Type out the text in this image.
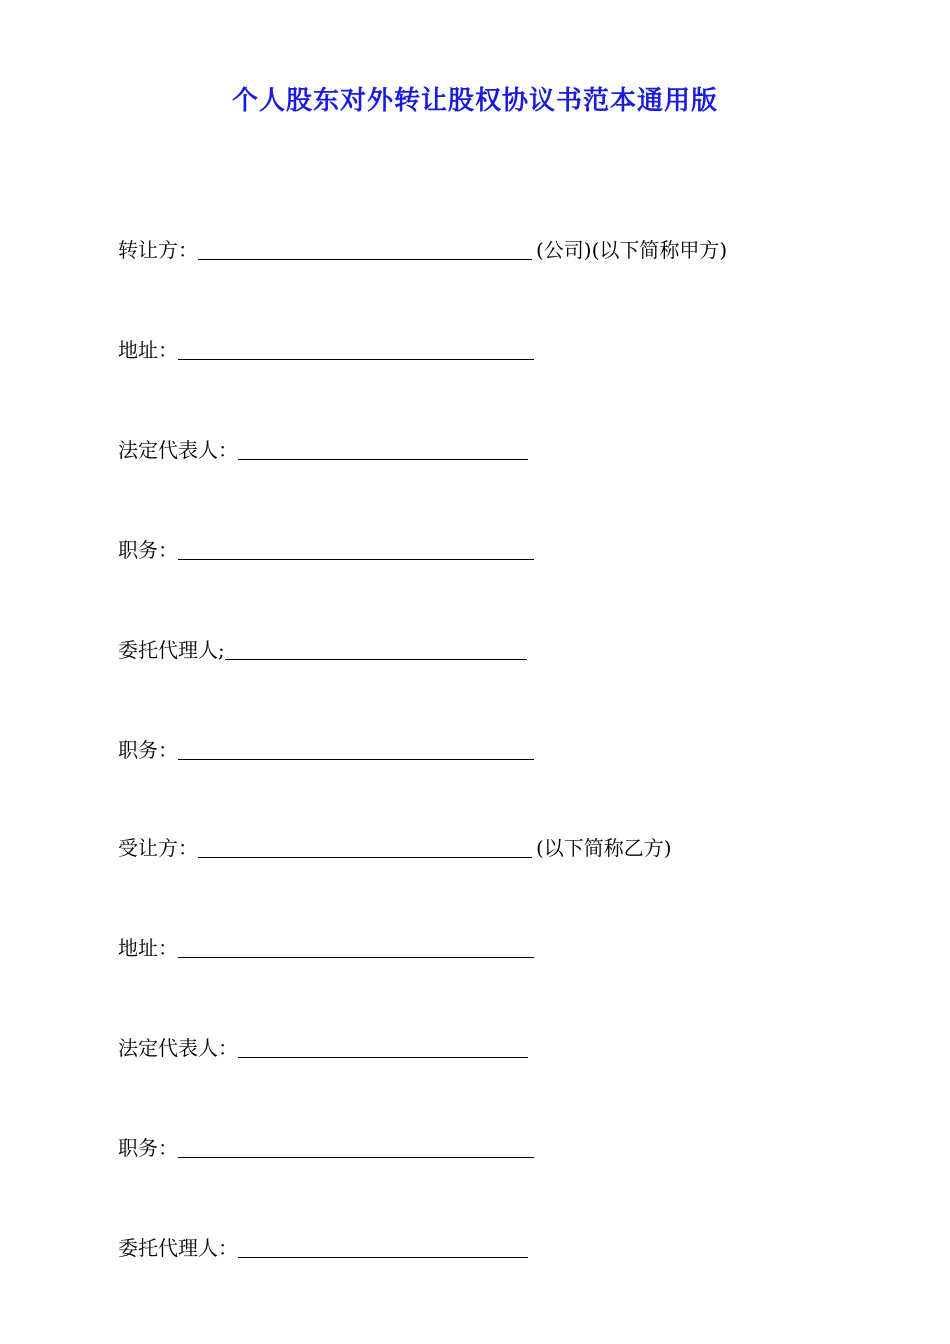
个人股东对外转让股权协议书范本通用版
转让方：	(公司)(以下简称甲方)
地址：
法定代表人：
职务：
委托代理人;
职务：
受让方：	(以下简称乙方)
地址：
法定代表人：
职务：
委托代理人：
